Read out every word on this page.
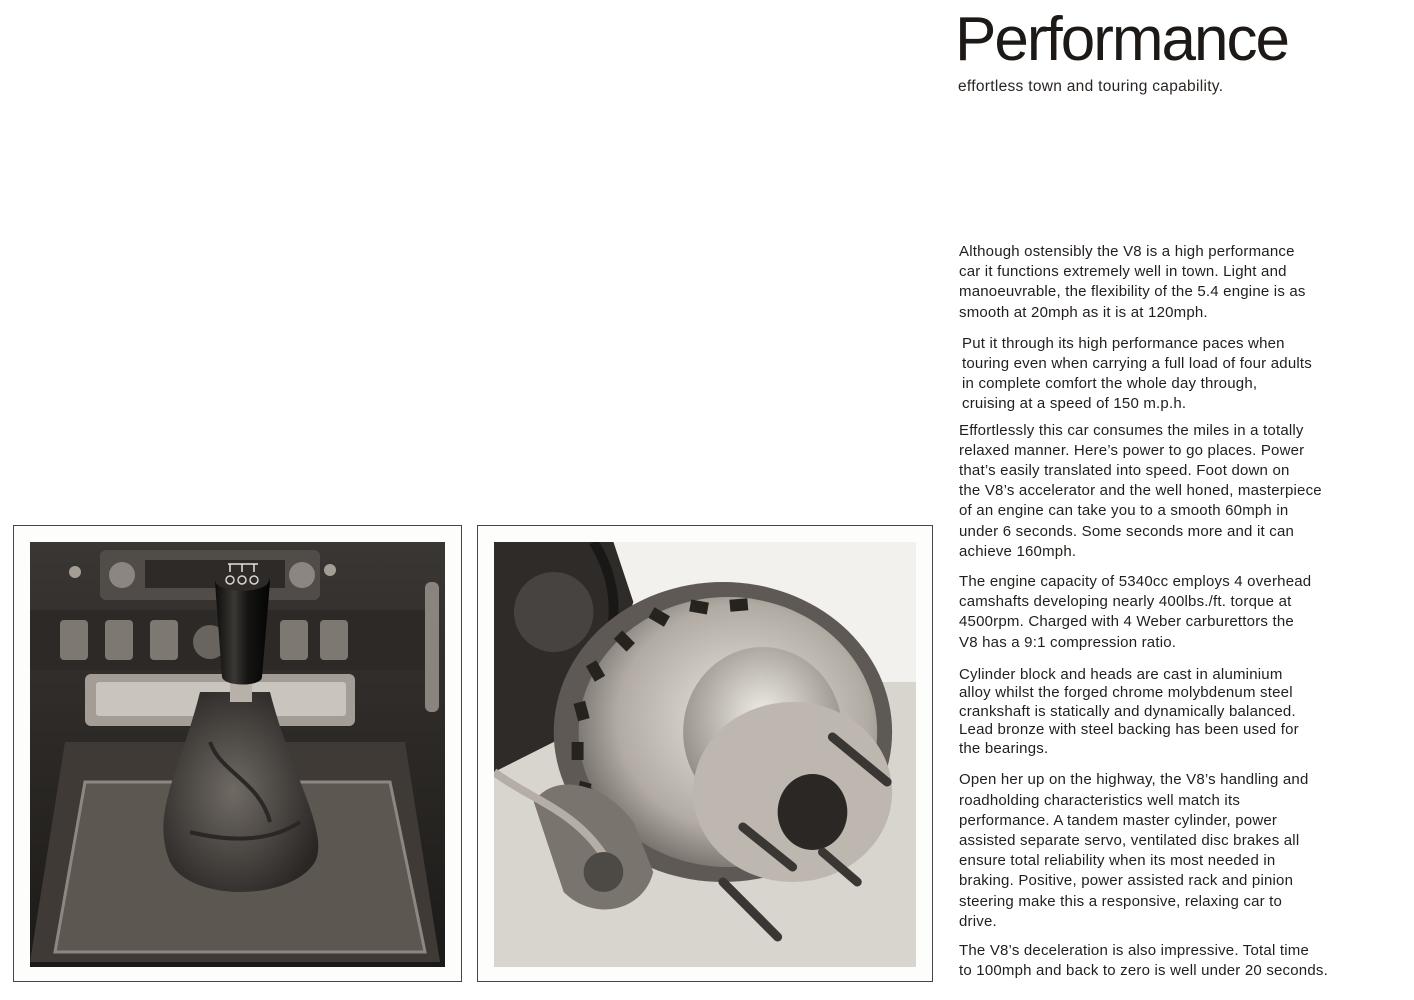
Performance
effortless town and touring capability.

Although ostensibly the V8 is a high performance
car it functions extremely well in town. Light and
manoeuvrable, the flexibility of the 5.4 engine is as
smooth at 20mph as it is at 120mph.

Put it through its high performance paces when
touring even when carrying a full load of four adults
in complete comfort the whole day through,
cruising at a speed of 150 m.p.h.

Effortlessly this car consumes the miles in a totally
relaxed manner. Here’s power to go places. Power
that’s easily translated into speed. Foot down on
the V8’s accelerator and the well honed, masterpiece
of an engine can take you to a smooth 60mph in
under 6 seconds. Some seconds more and it can
achieve 160mph.

The engine capacity of 5340cc employs 4 overhead
camshafts developing nearly 400lbs./ft. torque at
4500rpm. Charged with 4 Weber carburettors the
V8 has a 9:1 compression ratio.

Cylinder block and heads are cast in aluminium
alloy whilst the forged chrome molybdenum steel
crankshaft is statically and dynamically balanced.
Lead bronze with steel backing has been used for
the bearings.

Open her up on the highway, the V8’s handling and
roadholding characteristics well match its
performance. A tandem master cylinder, power
assisted separate servo, ventilated disc brakes all
ensure total reliability when its most needed in
braking. Positive, power assisted rack and pinion
steering make this a responsive, relaxing car to
drive.

The V8’s deceleration is also impressive. Total time
to 100mph and back to zero is well under 20 seconds.
